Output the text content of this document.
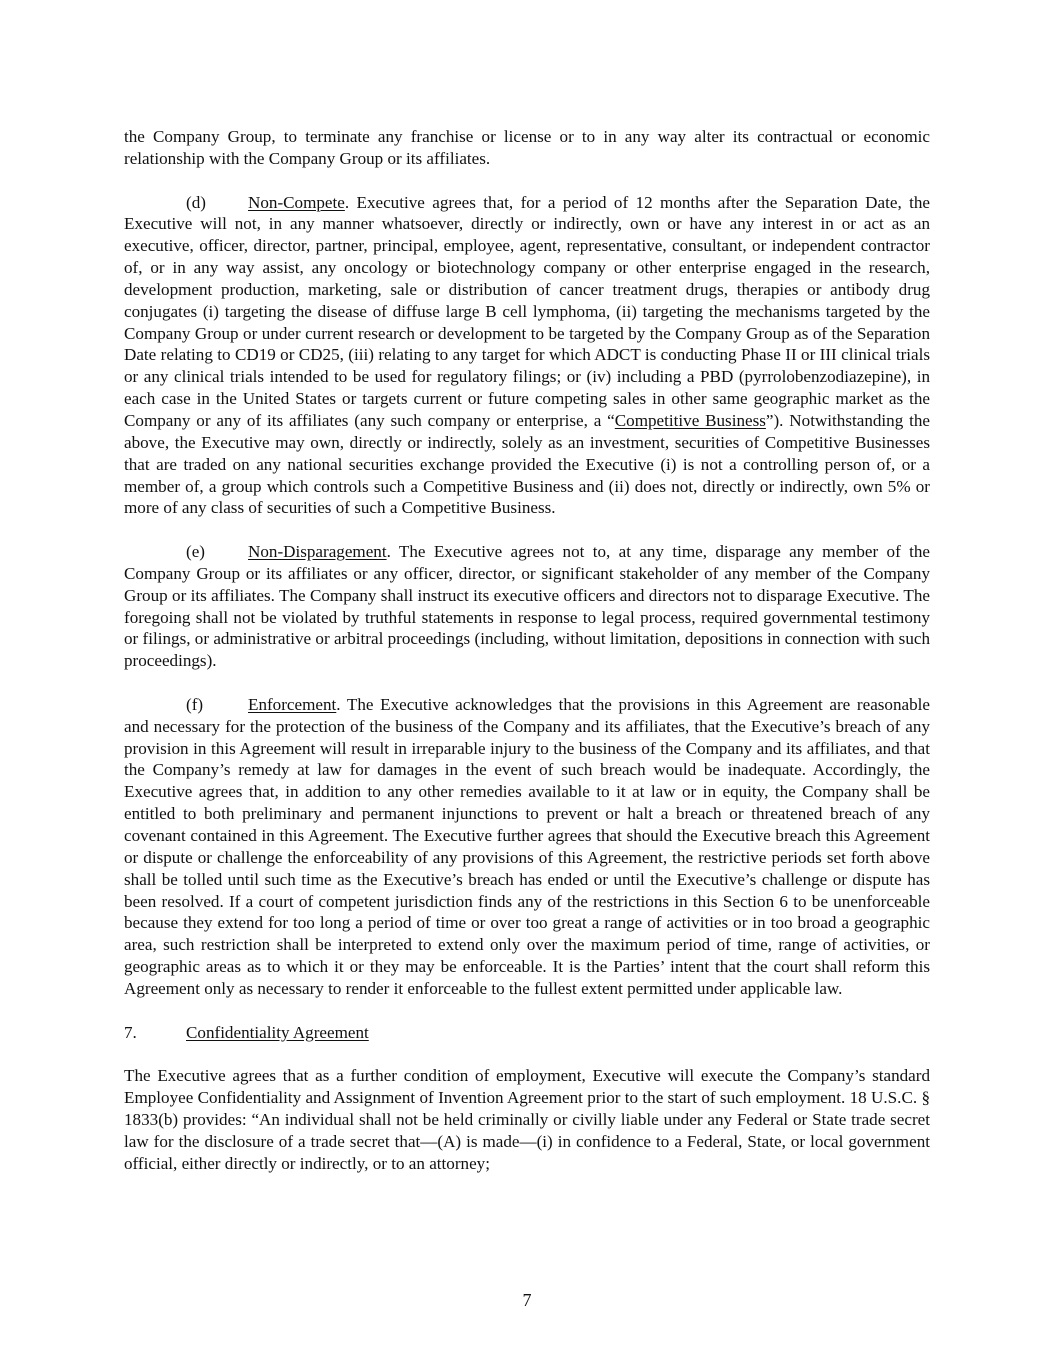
the Company Group, to terminate any franchise or license or to in any way alter its contractual or economic relationship with the Company Group or its affiliates.

(d) Non-Compete. Executive agrees that, for a period of 12 months after the Separation Date, the Executive will not, in any manner whatsoever, directly or indirectly, own or have any interest in or act as an executive, officer, director, partner, principal, employee, agent, representative, consultant, or independent contractor of, or in any way assist, any oncology or biotechnology company or other enterprise engaged in the research, development production, marketing, sale or distribution of cancer treatment drugs, therapies or antibody drug conjugates (i) targeting the disease of diffuse large B cell lymphoma, (ii) targeting the mechanisms targeted by the Company Group or under current research or development to be targeted by the Company Group as of the Separation Date relating to CD19 or CD25, (iii) relating to any target for which ADCT is conducting Phase II or III clinical trials or any clinical trials intended to be used for regulatory filings; or (iv) including a PBD (pyrrolobenzodiazepine), in each case in the United States or targets current or future competing sales in other same geographic market as the Company or any of its affiliates (any such company or enterprise, a “Competitive Business”). Notwithstanding the above, the Executive may own, directly or indirectly, solely as an investment, securities of Competitive Businesses that are traded on any national securities exchange provided the Executive (i) is not a controlling person of, or a member of, a group which controls such a Competitive Business and (ii) does not, directly or indirectly, own 5% or more of any class of securities of such a Competitive Business.

(e)	Non-Disparagement. The Executive agrees not to, at any time, disparage any member of the Company Group or its affiliates or any officer, director, or significant stakeholder of any member of the Company Group or its affiliates. The Company shall instruct its executive officers and directors not to disparage Executive. The foregoing shall not be violated by truthful statements in response to legal process, required governmental testimony or filings, or administrative or arbitral proceedings (including, without limitation, depositions in connection with such proceedings).

(f)	Enforcement. The Executive acknowledges that the provisions in this Agreement are reasonable and necessary for the protection of the business of the Company and its affiliates, that the Executive’s breach of any provision in this Agreement will result in irreparable injury to the business of the Company and its affiliates, and that the Company’s remedy at law for damages in the event of such breach would be inadequate. Accordingly, the Executive agrees that, in addition to any other remedies available to it at law or in equity, the Company shall be entitled to both preliminary and permanent injunctions to prevent or halt a breach or threatened breach of any covenant contained in this Agreement. The Executive further agrees that should the Executive breach this Agreement or dispute or challenge the enforceability of any provisions of this Agreement, the restrictive periods set forth above shall be tolled until such time as the Executive’s breach has ended or until the Executive’s challenge or dispute has been resolved. If a court of competent jurisdiction finds any of the restrictions in this Section 6 to be unenforceable because they extend for too long a period of time or over too great a range of activities or in too broad a geographic area, such restriction shall be interpreted to extend only over the maximum period of time, range of activities, or geographic areas as to which it or they may be enforceable. It is the Parties’ intent that the court shall reform this Agreement only as necessary to render it enforceable to the fullest extent permitted under applicable law.

7.	Confidentiality Agreement

The Executive agrees that as a further condition of employment, Executive will execute the Company’s standard Employee Confidentiality and Assignment of Invention Agreement prior to the start of such employment. 18 U.S.C. § 1833(b) provides: “An individual shall not be held criminally or civilly liable under any Federal or State trade secret law for the disclosure of a trade secret that—(A) is made—(i) in confidence to a Federal, State, or local government official, either directly or indirectly, or to an attorney;

7
